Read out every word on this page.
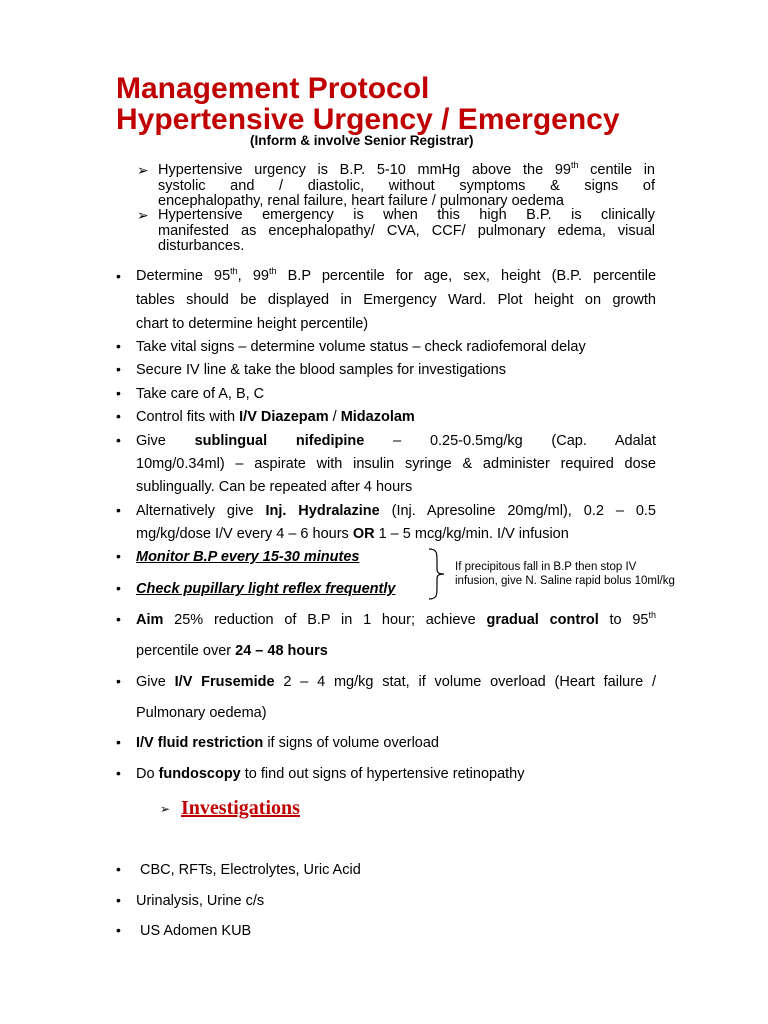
Management Protocol
Hypertensive Urgency / Emergency
(Inform & involve Senior Registrar)
➢
➢
Hypertensive urgency is B.P. 5-10 mmHg above the 99th centile in
systolic and / diastolic, without symptoms & signs of
encephalopathy, renal failure, heart failure / pulmonary oedema
Hypertensive emergency is when this high B.P. is clinically
manifested as encephalopathy/ CVA, CCF/ pulmonary edema, visual
disturbances.
•
•
•
•
•
•
•
•
•
•
•
•
•
Determine 95th, 99th B.P percentile for age, sex, height (B.P. percentile
tables should be displayed in Emergency Ward. Plot height on growth
chart to determine height percentile)
Take vital signs – determine volume status – check radiofemoral delay
Secure IV line & take the blood samples for investigations
Take care of A, B, C
Control fits with I/V Diazepam / Midazolam
Give sublingual nifedipine – 0.25-0.5mg/kg (Cap. Adalat
10mg/0.34ml) – aspirate with insulin syringe & administer required dose
sublingually. Can be repeated after 4 hours
Alternatively give Inj. Hydralazine (Inj. Apresoline 20mg/ml), 0.2 – 0.5
mg/kg/dose I/V every 4 – 6 hours OR 1 – 5 mcg/kg/min. I/V infusion
Monitor B.P every 15-30 minutes
Check pupillary light reflex frequently
If precipitous fall in B.P then stop IV
infusion, give N. Saline rapid bolus 10ml/kg
Aim 25% reduction of B.P in 1 hour; achieve gradual control to 95th
percentile over 24 – 48 hours
Give I/V Frusemide 2 – 4 mg/kg stat, if volume overload (Heart failure /
Pulmonary oedema)
I/V fluid restriction if signs of volume overload
Do fundoscopy to find out signs of hypertensive retinopathy
➢ Investigations
• CBC, RFTs, Electrolytes, Uric Acid
• Urinalysis, Urine c/s
• US Adomen KUB
